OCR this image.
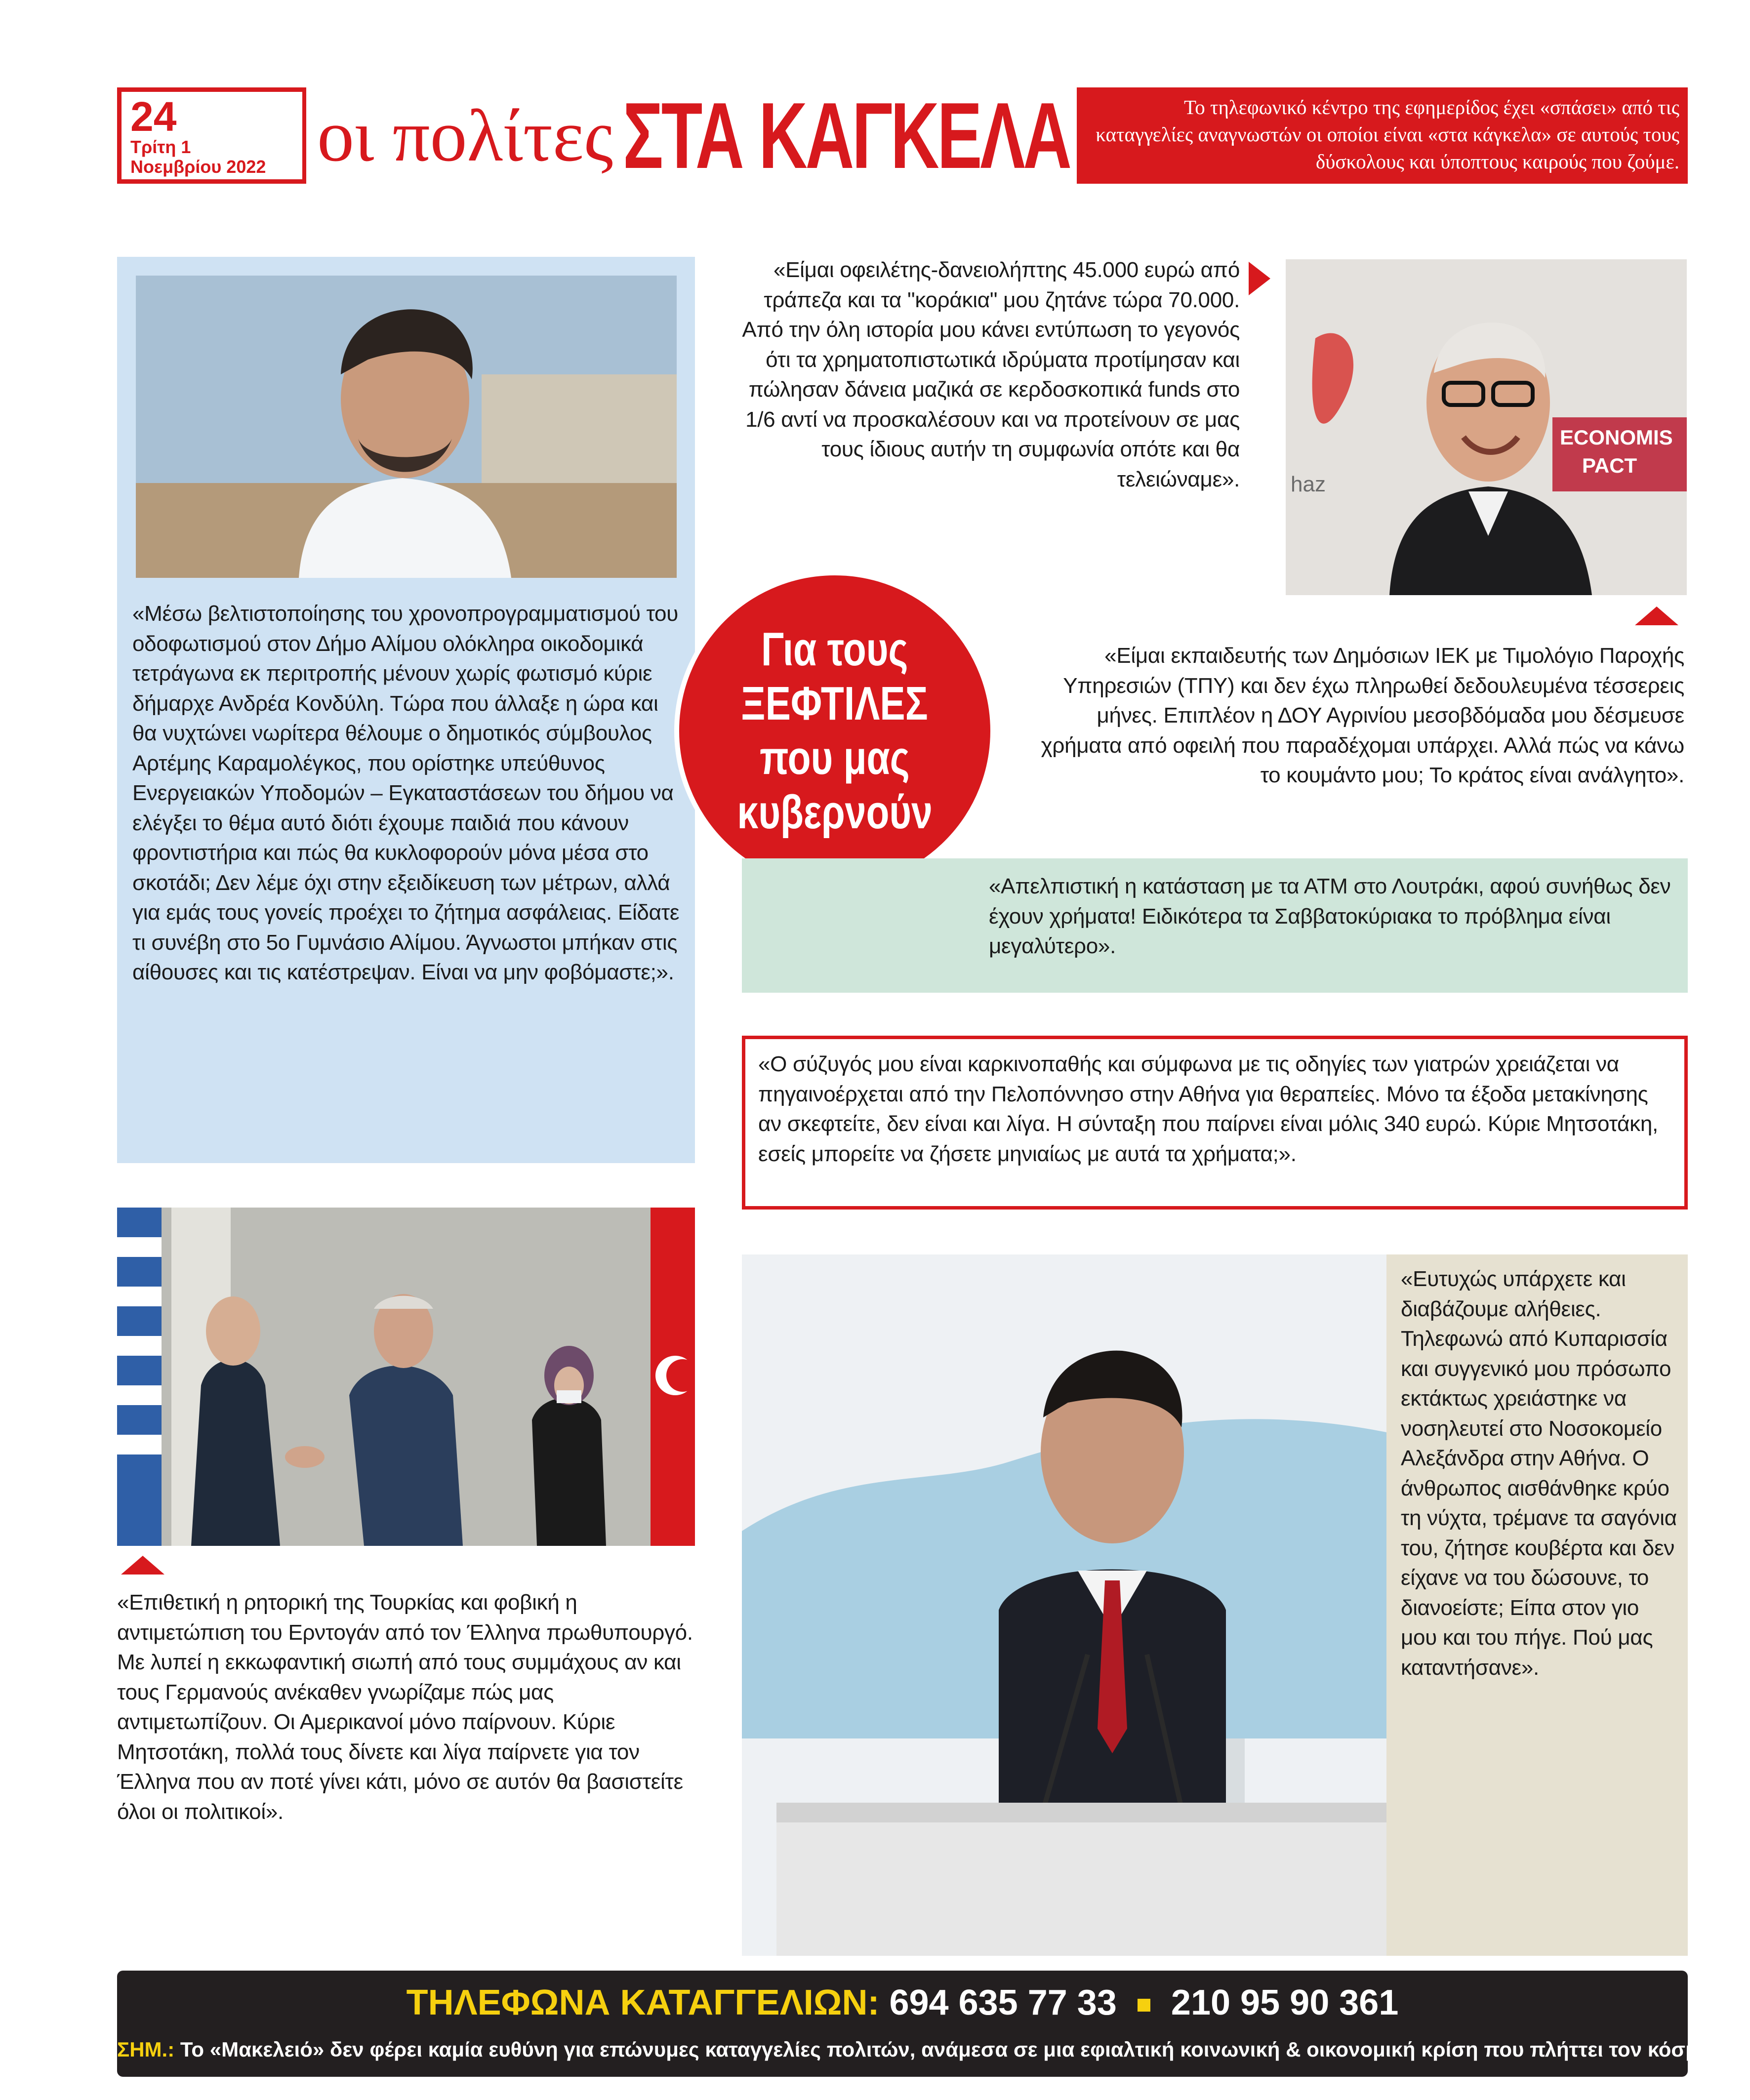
24
Τρίτη 1
Νοεμβρίου 2022 οι πολίτες ΣΤΑ ΚΑΓΚΕΛΑ	Το τηλεφωνικό κέντρο της εφημερίδος έχει «σπάσει» από τις καταγγελίες αναγνωστών οι οποίοι είναι «στα κάγκελα» σε αυτούς τους δύσκολους και ύποπτους καιρούς που ζούμε.
«Μέσω βελτιστοποίησης του χρονοπρογραμματισμού του οδοφωτισμού στον Δήμο Αλίμου ολόκληρα οικοδομικά τετράγωνα εκ περιτροπής μένουν χωρίς φωτισμό κύριε δήμαρχε Ανδρέα Κονδύλη. Τώρα που άλλαξε η ώρα και θα νυχτώνει νωρίτερα θέλουμε ο δημοτικός σύμβουλος Αρτέμης Καραμολέγκος, που ορίστηκε υπεύθυνος Ενεργειακών Υποδομών – Εγκαταστάσεων του δήμου να ελέγξει το θέμα αυτό διότι έχουμε παιδιά που κάνουν φροντιστήρια και πώς θα κυκλοφορούν μόνα μέσα στο σκοτάδι; Δεν λέμε όχι στην εξειδίκευση των μέτρων, αλλά για εμάς τους γονείς προέχει το ζήτημα ασφάλειας. Είδατε τι συνέβη στο 5ο Γυμνάσιο Αλίμου. Άγνωστοι μπήκαν στις αίθουσες και τις κατέστρεψαν. Είναι να μην φοβόμαστε;».
«Είμαι οφειλέτης-δανειολήπτης 45.000 ευρώ από τράπεζα και τα "κοράκια" μου ζητάνε τώρα 70.000. Από την όλη ιστορία μου κάνει εντύπωση το γεγονός ότι τα χρηματοπιστωτικά ιδρύματα προτίμησαν και πώλησαν δάνεια μαζικά σε κερδοσκοπικά funds στο 1/6 αντί να προσκαλέσουν και να προτείνουν σε μας τους ίδιους αυτήν τη συμφωνία οπότε και θα τελειώναμε».
ECONOMIS
PACT
haz
Για τους
ΞΕΦΤΙΛΕΣ
που μας
κυβερνούν
«Είμαι εκπαιδευτής των Δημόσιων ΙΕΚ με Τιμολόγιο Παροχής Υπηρεσιών (ΤΠΥ) και δεν έχω πληρωθεί δεδουλευμένα τέσσερεις μήνες. Επιπλέον η ΔΟΥ Αγρινίου μεσοβδόμαδα μου δέσμευσε χρήματα από οφειλή που παραδέχομαι υπάρχει. Αλλά πώς να κάνω το κουμάντο μου; Το κράτος είναι ανάλγητο».
«Απελπιστική η κατάσταση με τα ΑΤΜ στο Λουτράκι, αφού συνήθως δεν έχουν χρήματα! Ειδικότερα τα Σαββατοκύριακα το πρόβλημα είναι μεγαλύτερο».
«Ο σύζυγός μου είναι καρκινοπαθής και σύμφωνα με τις οδηγίες των γιατρών χρειάζεται να πηγαινοέρχεται από την Πελοπόννησο στην Αθήνα για θεραπείες. Μόνο τα έξοδα μετακίνησης αν σκεφτείτε, δεν είναι και λίγα. Η σύνταξη που παίρνει είναι μόλις 340 ευρώ. Κύριε Μητσοτάκη, εσείς μπορείτε να ζήσετε μηνιαίως με αυτά τα χρήματα;».
«Επιθετική η ρητορική της Τουρκίας και φοβική η αντιμετώπιση του Ερντογάν από τον Έλληνα πρωθυπουργό. Με λυπεί η εκκωφαντική σιωπή από τους συμμάχους αν και τους Γερμανούς ανέκαθεν γνωρίζαμε πώς μας αντιμετωπίζουν. Οι Αμερικανοί μόνο παίρνουν. Κύριε Μητσοτάκη, πολλά τους δίνετε και λίγα παίρνετε για τον Έλληνα που αν ποτέ γίνει κάτι, μόνο σε αυτόν θα βασιστείτε όλοι οι πολιτικοί».
«Ευτυχώς υπάρχετε και διαβάζουμε αλήθειες. Τηλεφωνώ από Κυπαρισσία και συγγενικό μου πρόσωπο εκτάκτως χρειάστηκε να νοσηλευτεί στο Νοσοκομείο Αλεξάνδρα στην Αθήνα. Ο άνθρωπος αισθάνθηκε κρύο τη νύχτα, τρέμανε τα σαγόνια του, ζήτησε κουβέρτα και δεν είχανε να του δώσουνε, το διανοείστε; Είπα στον γιο μου και του πήγε. Πού μας καταντήσανε».
ΤΗΛΕΦΩΝΑ ΚΑΤΑΓΓΕΛΙΩΝ: 694 635 77 33 210 95 90 361
ΣΗΜ.: Το «Μακελειό» δεν φέρει καμία ευθύνη για επώνυμες καταγγελίες πολιτών, ανάμεσα σε μια εφιαλτική κοινωνική & οικονομική κρίση που πλήττει τον κόσμο.
